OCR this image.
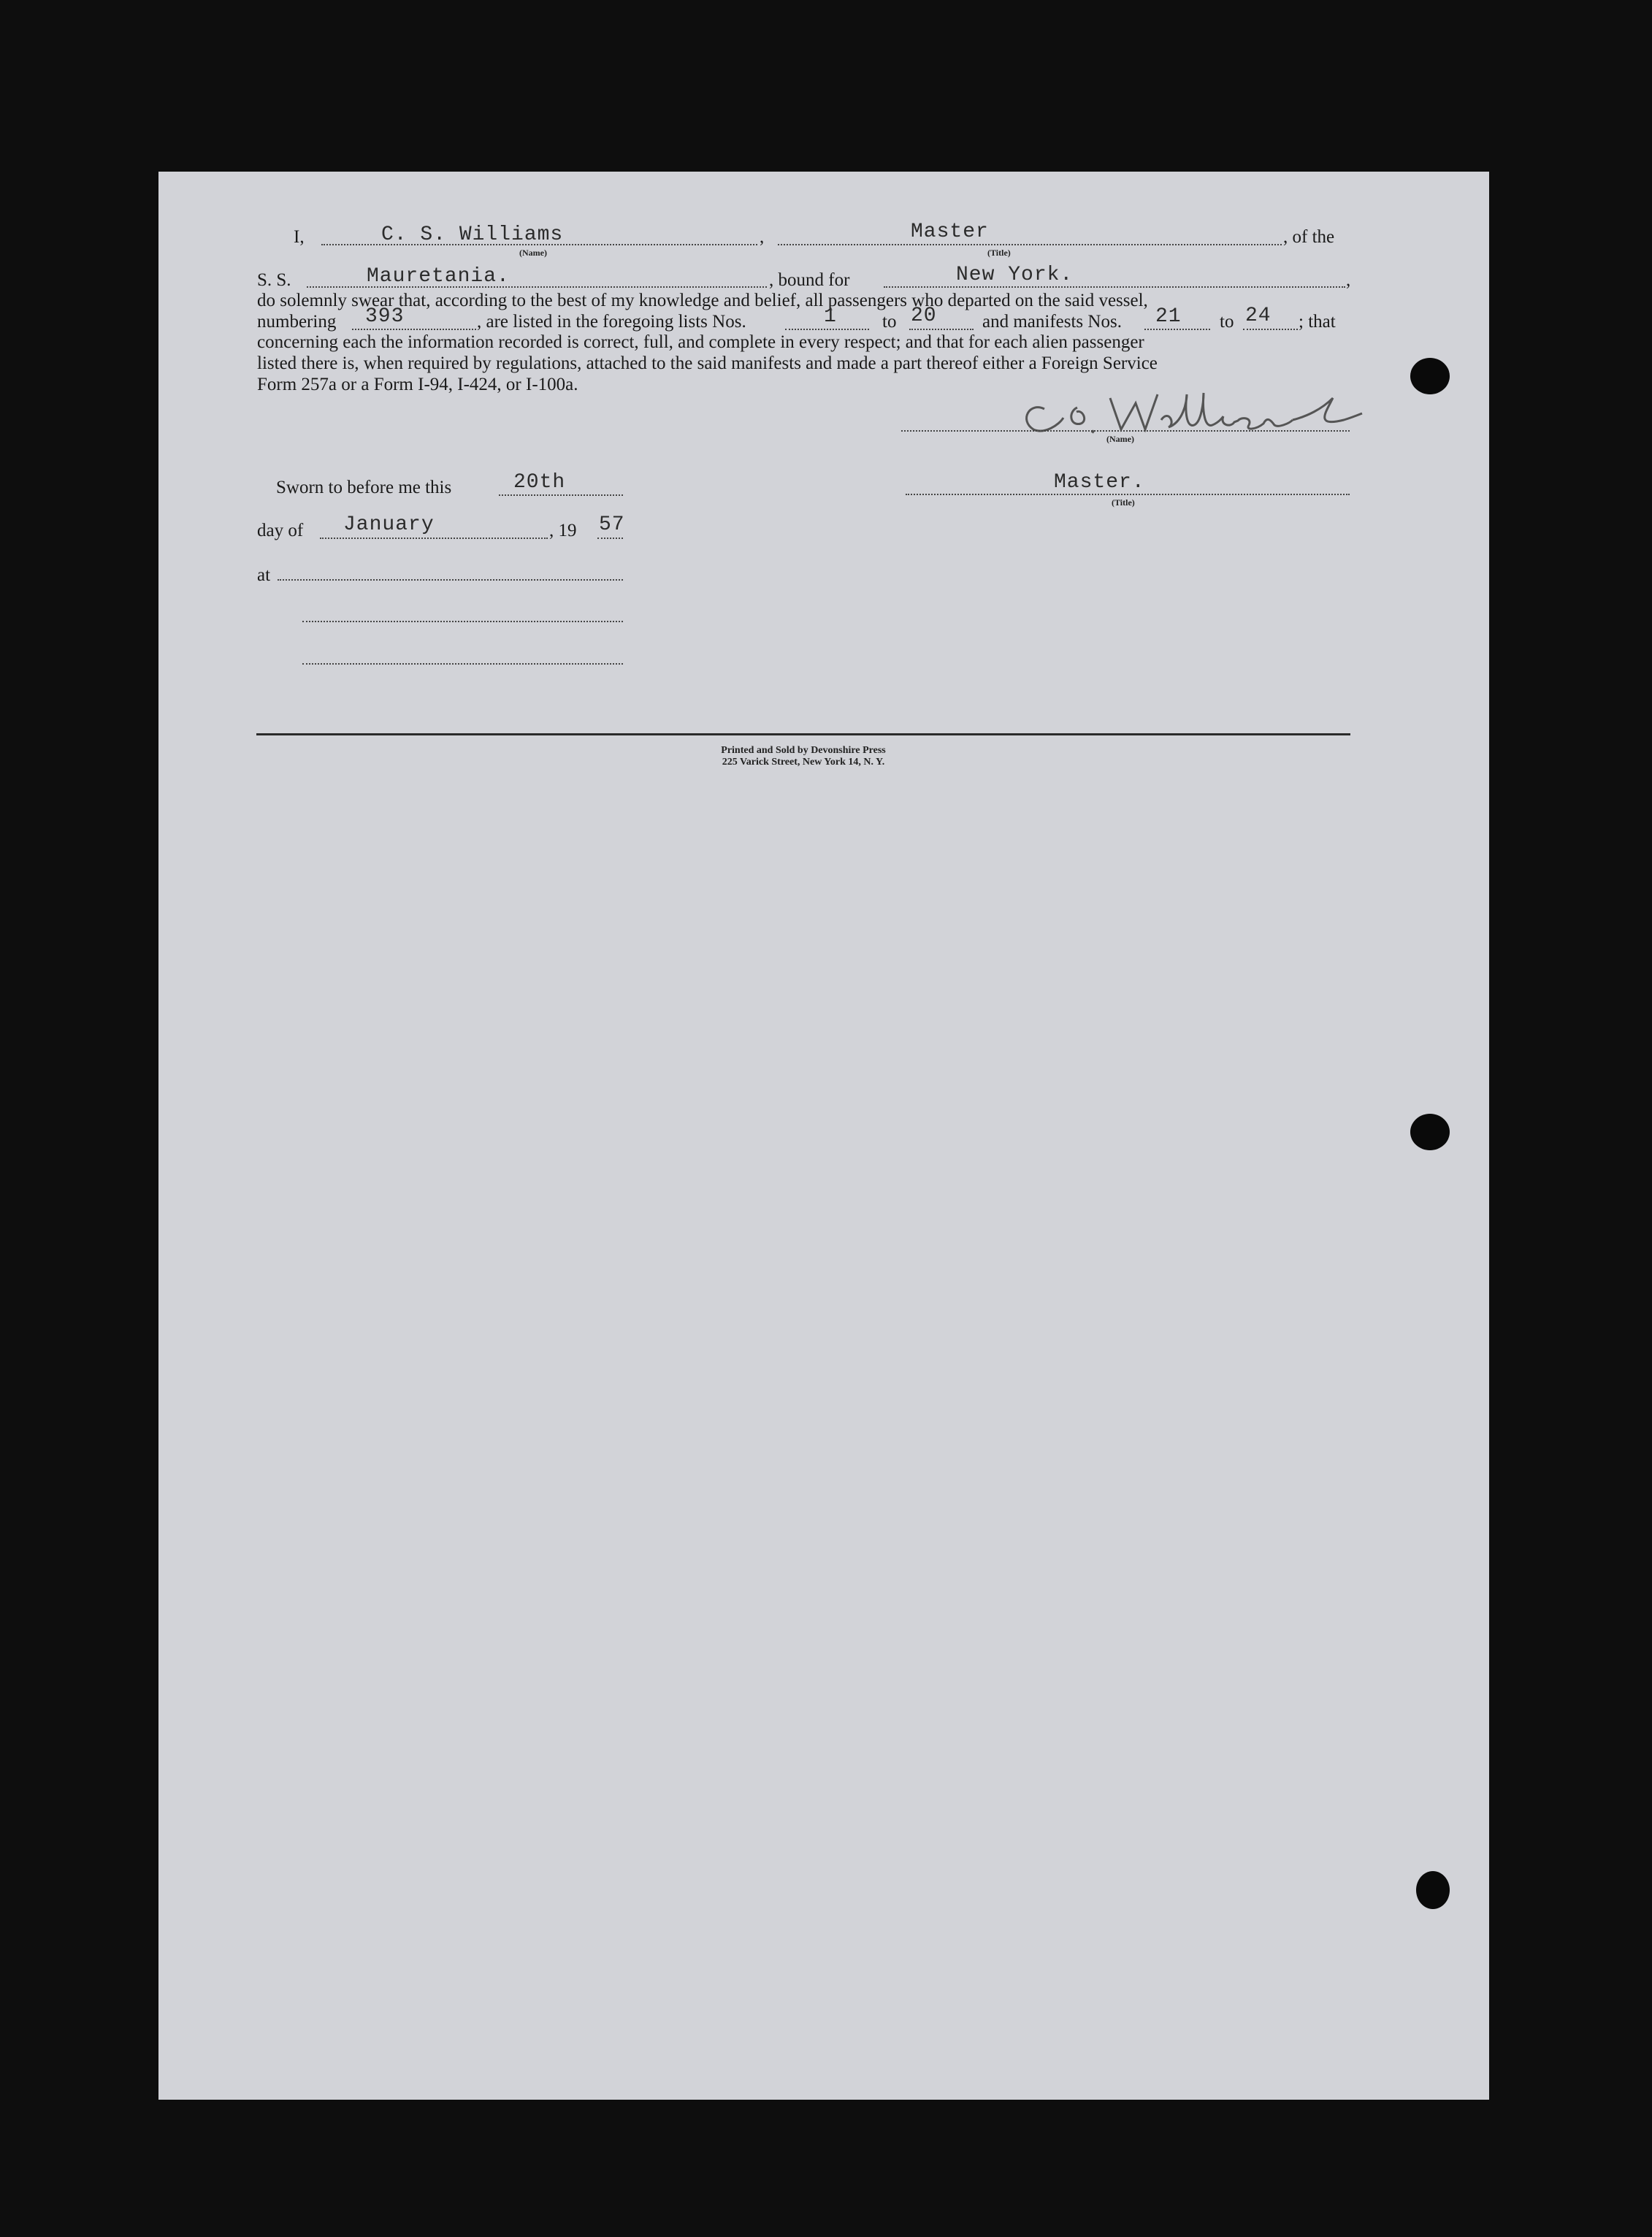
I,	C. S. Williams
(Name)
,	Master
(Title)
, of the
S. S.	Mauretania.	, bound for	New York.	,
do solemnly swear that, according to the best of my knowledge and belief, all passengers who departed on the said vessel,
numbering 393	, are listed in the foregoing lists Nos.	1 to 20 and manifests Nos. 21 to 24 ; that
concerning each the information recorded is correct, full, and complete in every respect; and that for each alien passenger
listed there is, when required by regulations, attached to the said manifests and made a part thereof either a Foreign Service
Form 257a or a Form I-94, I-424, or I-100a.
(Name)
Master.
(Title)
Sworn to before me this	20th
day of January	, 19 57
at
Printed and Sold by Devonshire Press
225 Varick Street, New York 14, N. Y.
